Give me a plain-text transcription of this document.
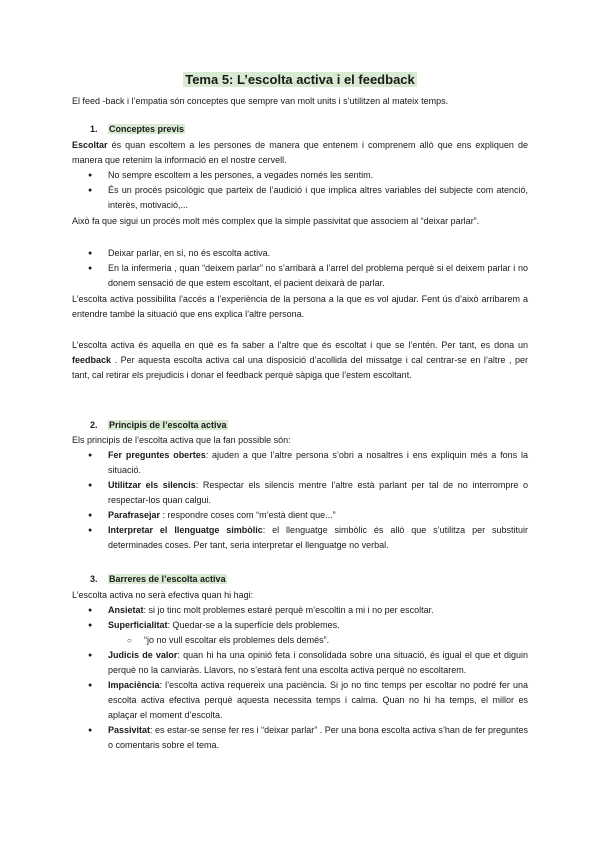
Tema 5: L’escolta activa i el feedback

El feed -back i l’empatia són conceptes que sempre van molt units i s’utilitzen al mateix temps.

1. Conceptes previs

Escoltar és quan escoltem a les persones de manera que entenem i comprenem allò que ens expliquen de manera que retenim la informació en el nostre cervell.

● No sempre escoltem a les persones, a vegades només les sentim.
● És un procés psicològic que parteix de l’audició i que implica altres variables del subjecte com atenció, interès, motivació,...

Això fa que sigui un procés molt més complex que la simple passivitat que associem al “deixar parlar”.

● Deixar parlar, en sí, no és escolta activa.
● En la infermeria , quan “deixem parlar” no s’arribarà a l’arrel del problema perquè si el deixem parlar i no donem sensació de que estem escoltant, el pacient deixarà de parlar.

L’escolta activa possibilita l’accés a l’experiència de la persona a la que es vol ajudar. Fent ús d’això arribarem a entendre també la situació que ens explica l’altre persona.

L’escolta activa és aquella en què es fa saber a l’altre que és escoltat i que se l’entén. Per tant, es dona un feedback . Per aquesta escolta activa cal una disposició d’acollida del missatge i cal centrar-se en l’altre , per tant, cal retirar els prejudicis i donar el feedback perquè sàpiga que l’estem escoltant.

2. Principis de l’escolta activa

Els principis de l’escolta activa que la fan possible són:

● Fer preguntes obertes: ajuden a que l’altre persona s’obri a nosaltres i ens expliquin més a fons la situació.
● Utilitzar els silencis: Respectar els silencis mentre l’altre està parlant per tal de no interrompre o respectar-los quan calgui.
● Parafrasejar : respondre coses com “m’està dient que...”
● Interpretar el llenguatge simbòlic: el llenguatge simbòlic és allò que s’utilitza per substituir determinades coses. Per tant, seria interpretar el llenguatge no verbal.
3. Barreres de l’escolta activa

L’escolta activa no serà efectiva quan hi hagi:

● Ansietat: si jo tinc molt problemes estaré perquè m’escoltin a mi i no per escoltar.
● Superficialitat: Quedar-se a la superfície dels problemes.
○ “jo no vull escoltar els problemes dels demés”.
● Judicis de valor: quan hi ha una opinió feta i consolidada sobre una situació, és igual el que et diguin perquè no la canviaràs. Llavors, no s’estarà fent una escolta activa perquè no escoltarem.
● Impaciència: l’escolta activa requereix una paciència. Si jo no tinc temps per escoltar no podré fer una escolta activa efectiva perquè aquesta necessita temps i calma. Quan no hi ha temps, el millor es aplaçar el moment d’escolta.
● Passivitat: es estar-se sense fer res i “deixar parlar” . Per una bona escolta activa s’han de fer preguntes o comentaris sobre el tema.
